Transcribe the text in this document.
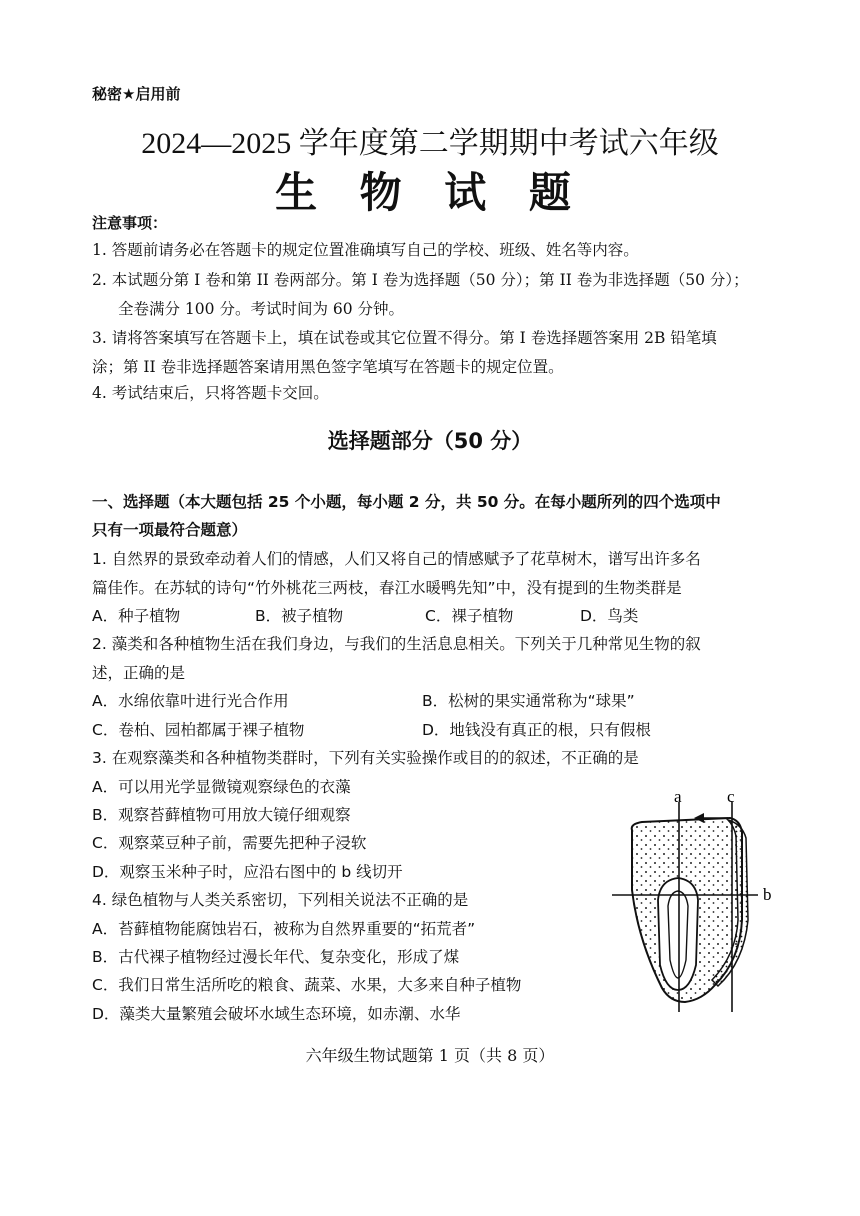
秘密★启用前
2024—2025 学年度第二学期期中考试六年级
生 物 试 题
注意事项：
1. 答题前请务必在答题卡的规定位置准确填写自己的学校、班级、姓名等内容。
2. 本试题分第 I 卷和第 II 卷两部分。第 I 卷为选择题（50 分）；第 II 卷为非选择题（50 分）；
全卷满分 100 分。考试时间为 60 分钟。
3. 请将答案填写在答题卡上，填在试卷或其它位置不得分。第 I 卷选择题答案用 2B 铅笔填
涂；第 II 卷非选择题答案请用黑色签字笔填写在答题卡的规定位置。
4. 考试结束后，只将答题卡交回。
选择题部分（50 分）
一、选择题（本大题包括 25 个小题，每小题 2 分，共 50 分。在每小题所列的四个选项中
只有一项最符合题意）
1. 自然界的景致牵动着人们的情感，人们又将自己的情感赋予了花草树木，谱写出许多名
篇佳作。在苏轼的诗句“竹外桃花三两枝，春江水暖鸭先知”中，没有提到的生物类群是
A．种子植物	B．被子植物	C．裸子植物	D．鸟类
2. 藻类和各种植物生活在我们身边，与我们的生活息息相关。下列关于几种常见生物的叙
述，正确的是
A．水绵依靠叶进行光合作用	B．松树的果实通常称为“球果”
C．卷柏、园柏都属于裸子植物	D．地钱没有真正的根，只有假根
3. 在观察藻类和各种植物类群时，下列有关实验操作或目的的叙述，不正确的是
A．可以用光学显微镜观察绿色的衣藻
B．观察苔藓植物可用放大镜仔细观察
C．观察菜豆种子前，需要先把种子浸软
D．观察玉米种子时，应沿右图中的 b 线切开
4. 绿色植物与人类关系密切，下列相关说法不正确的是
A．苔藓植物能腐蚀岩石，被称为自然界重要的“拓荒者”
B．古代裸子植物经过漫长年代、复杂变化，形成了煤
C．我们日常生活所吃的粮食、蔬菜、水果，大多来自种子植物
D．藻类大量繁殖会破坏水域生态环境，如赤潮、水华
a	c
b
六年级生物试题第 1 页（共 8 页）
